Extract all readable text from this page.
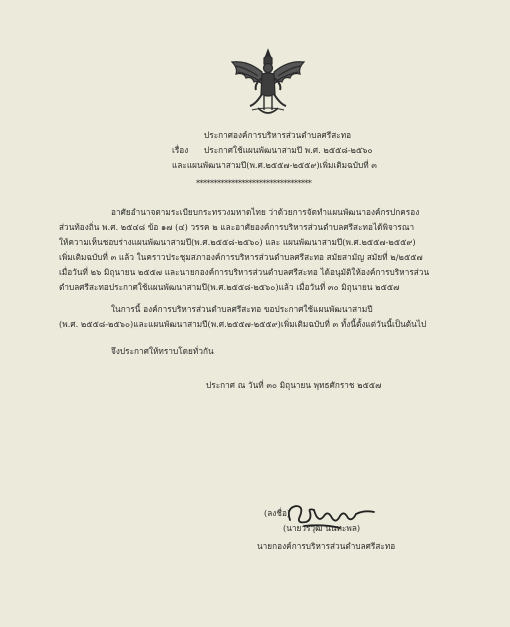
ประกาศองค์การบริหารส่วนตำบลศรีสะทอ
เรื่อง ประกาศใช้แผนพัฒนาสามปี พ.ศ. ๒๕๕๘-๒๕๖๐
และแผนพัฒนาสามปี(พ.ศ.๒๕๕๗-๒๕๕๙)เพิ่มเติมฉบับที่ ๓
*********************************
อาศัยอำนาจตามระเบียบกระทรวงมหาดไทย ว่าด้วยการจัดทำแผนพัฒนาองค์กรปกครอง
ส่วนท้องถิ่น พ.ศ. ๒๕๔๘ ข้อ ๑๗ (๔) วรรค ๒ และอาศัยองค์การบริหารส่วนตำบลศรีสะทอได้พิจารณา
ให้ความเห็นชอบร่างแผนพัฒนาสามปี(พ.ศ.๒๕๕๘-๒๕๖๐) และ แผนพัฒนาสามปี(พ.ศ.๒๕๕๗-๒๕๕๙)
เพิ่มเติมฉบับที่ ๓ แล้ว ในคราวประชุมสภาองค์การบริหารส่วนตำบลศรีสะทอ สมัยสามัญ สมัยที่ ๒/๒๕๕๗
เมื่อวันที่ ๒๖ มิถุนายน ๒๕๕๗ และนายกองค์การบริหารส่วนตำบลศรีสะทอ ได้อนุมัติให้องค์การบริหารส่วน
ตำบลศรีสะทอประกาศใช้แผนพัฒนาสามปี(พ.ศ.๒๕๕๘-๒๕๖๐)แล้ว เมื่อวันที่ ๓๐ มิถุนายน ๒๕๕๗
ในการนี้ องค์การบริหารส่วนตำบลศรีสะทอ ขอประกาศใช้แผนพัฒนาสามปี
(พ.ศ. ๒๕๕๘-๒๕๖๐)และแผนพัฒนาสามปี(พ.ศ.๒๕๕๗-๒๕๕๙)เพิ่มเติมฉบับที่ ๓ ทั้งนี้ตั้งแต่วันนี้เป็นต้นไป
จึงประกาศให้ทราบโดยทั่วกัน
ประกาศ ณ วันที่ ๓๐ มิถุนายน พุทธศักราช ๒๕๕๗
(ลงชื่อ)
(นายวรวุฒิ นนทะพล)
นายกองค์การบริหารส่วนตำบลศรีสะทอ
